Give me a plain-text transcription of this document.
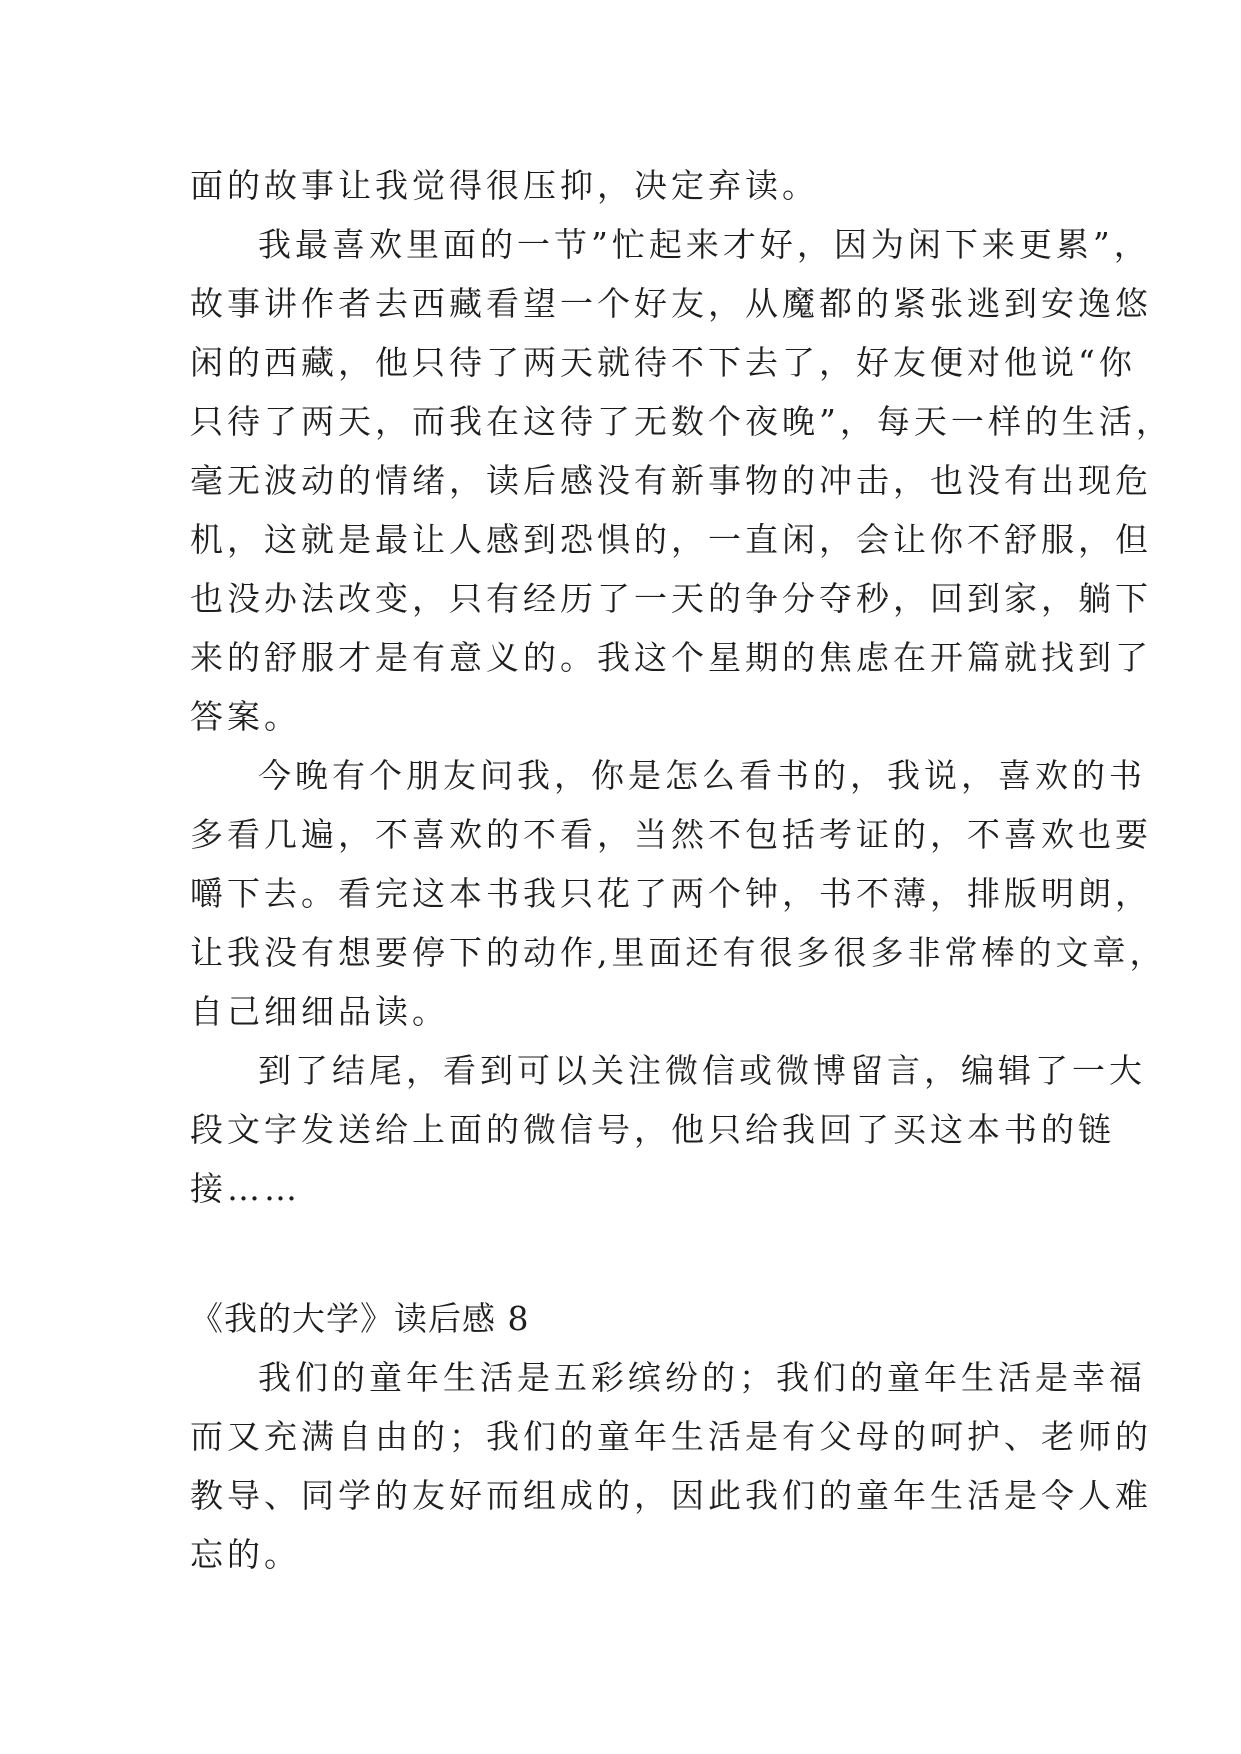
面的故事让我觉得很压抑，决定弃读。
我最喜欢里面的一节”忙起来才好，因为闲下来更累”，
故事讲作者去西藏看望一个好友，从魔都的紧张逃到安逸悠
闲的西藏，他只待了两天就待不下去了，好友便对他说“你
只待了两天，而我在这待了无数个夜晚”，每天一样的生活，
毫无波动的情绪，读后感没有新事物的冲击，也没有出现危
机，这就是最让人感到恐惧的，一直闲，会让你不舒服，但
也没办法改变，只有经历了一天的争分夺秒，回到家，躺下
来的舒服才是有意义的。我这个星期的焦虑在开篇就找到了
答案。
今晚有个朋友问我，你是怎么看书的，我说，喜欢的书
多看几遍，不喜欢的不看，当然不包括考证的，不喜欢也要
嚼下去。看完这本书我只花了两个钟，书不薄，排版明朗，
让我没有想要停下的动作,里面还有很多很多非常棒的文章，
自己细细品读。
到了结尾，看到可以关注微信或微博留言，编辑了一大
段文字发送给上面的微信号，他只给我回了买这本书的链
接……
《我的大学》读后感 8
我们的童年生活是五彩缤纷的；我们的童年生活是幸福
而又充满自由的；我们的童年生活是有父母的呵护、老师的
教导、同学的友好而组成的，因此我们的童年生活是令人难
忘的。
